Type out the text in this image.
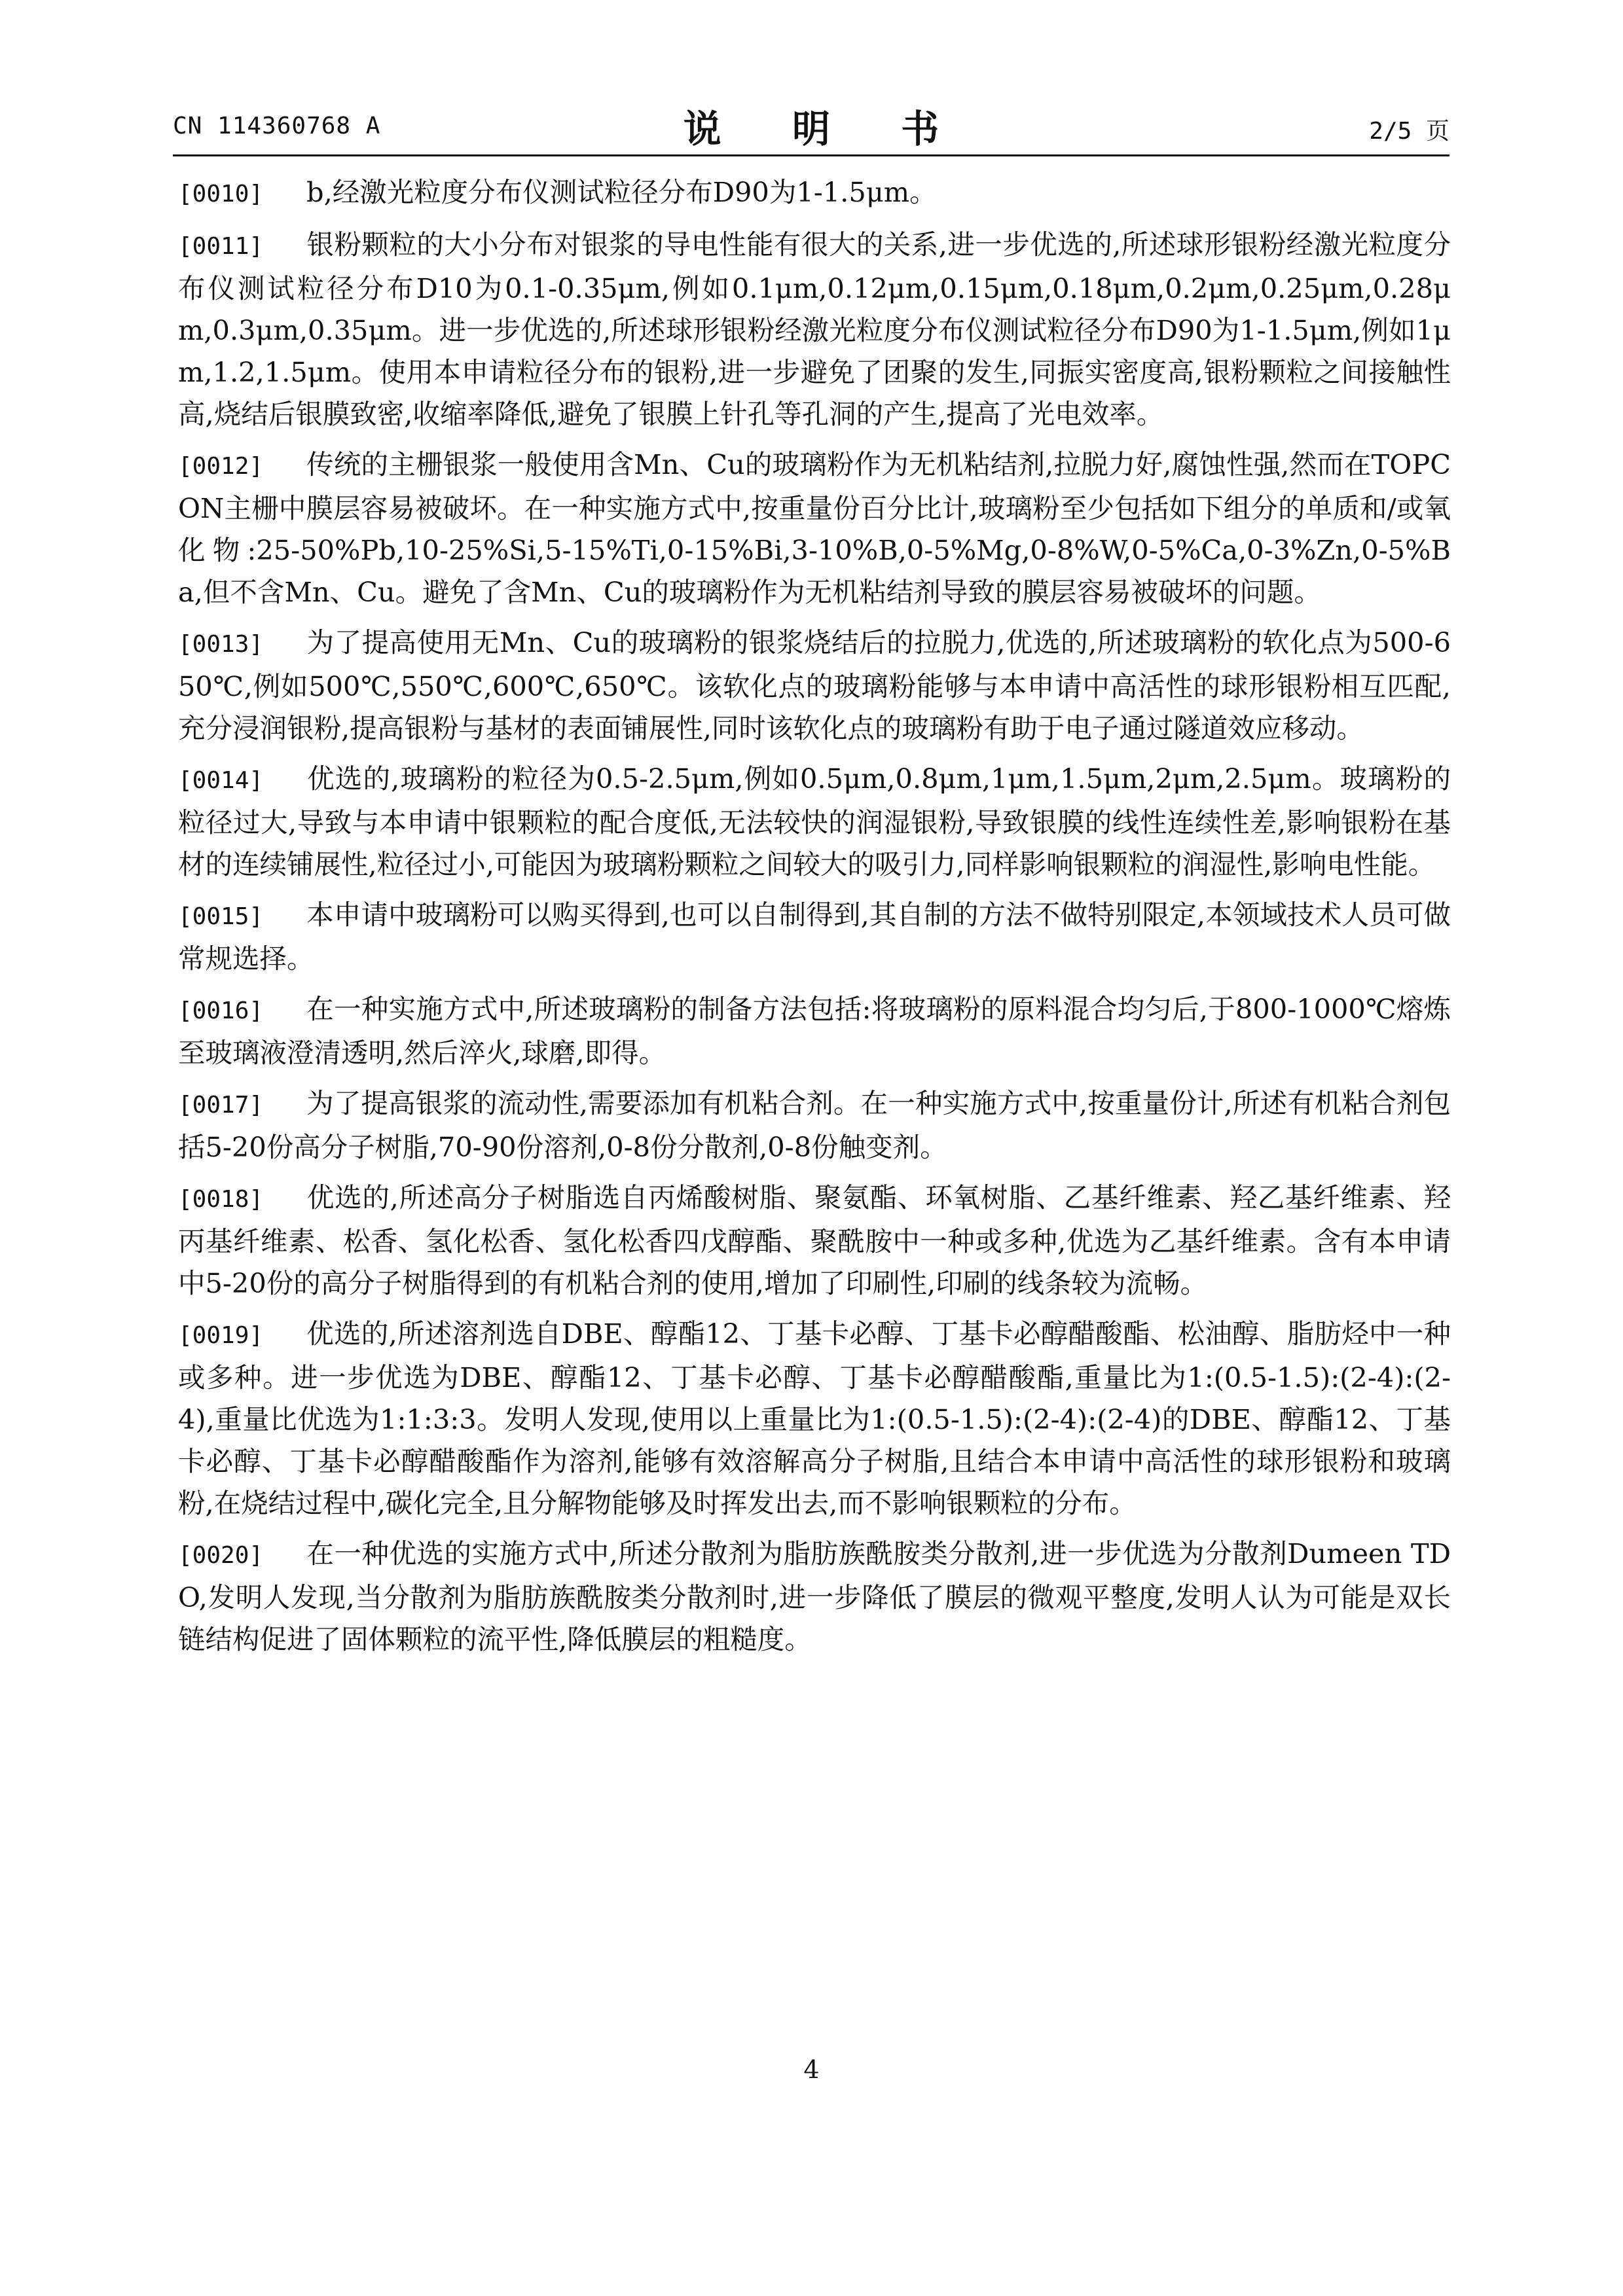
CN 114360768 A	说 明 书	2/5 页

[0010] b,经激光粒度分布仪测试粒径分布D90为1-1.5μm。

[0011] 银粉颗粒的大小分布对银浆的导电性能有很大的关系,进一步优选的,所述球形银粉经激光粒度分布仪测试粒径分布D10为0.1-0.35μm,例如0.1μm,0.12μm,0.15μm,0.18μm,0.2μm,0.25μm,0.28μm,0.3μm,0.35μm。进一步优选的,所述球形银粉经激光粒度分布仪测试粒径分布D90为1-1.5μm,例如1μm,1.2,1.5μm。使用本申请粒径分布的银粉,进一步避免了团聚的发生,同振实密度高,银粉颗粒之间接触性高,烧结后银膜致密,收缩率降低,避免了银膜上针孔等孔洞的产生,提高了光电效率。

[0012] 传统的主栅银浆一般使用含Mn、Cu的玻璃粉作为无机粘结剂,拉脱力好,腐蚀性强,然而在TOPCON主栅中膜层容易被破坏。在一种实施方式中,按重量份百分比计,玻璃粉至少包括如下组分的单质和/或氧化物:25-50%Pb,10-25%Si,5-15%Ti,0-15%Bi,3-10%B,0-5%Mg,0-8%W,0-5%Ca,0-3%Zn,0-5%Ba,但不含Mn、Cu。避免了含Mn、Cu的玻璃粉作为无机粘结剂导致的膜层容易被破坏的问题。

[0013] 为了提高使用无Mn、Cu的玻璃粉的银浆烧结后的拉脱力,优选的,所述玻璃粉的软化点为500-650℃,例如500℃,550℃,600℃,650℃。该软化点的玻璃粉能够与本申请中高活性的球形银粉相互匹配,充分浸润银粉,提高银粉与基材的表面铺展性,同时该软化点的玻璃粉有助于电子通过隧道效应移动。

[0014] 优选的,玻璃粉的粒径为0.5-2.5μm,例如0.5μm,0.8μm,1μm,1.5μm,2μm,2.5μm。玻璃粉的粒径过大,导致与本申请中银颗粒的配合度低,无法较快的润湿银粉,导致银膜的线性连续性差,影响银粉在基材的连续铺展性,粒径过小,可能因为玻璃粉颗粒之间较大的吸引力,同样影响银颗粒的润湿性,影响电性能。

[0015] 本申请中玻璃粉可以购买得到,也可以自制得到,其自制的方法不做特别限定,本领域技术人员可做常规选择。

[0016] 在一种实施方式中,所述玻璃粉的制备方法包括:将玻璃粉的原料混合均匀后,于800-1000℃熔炼至玻璃液澄清透明,然后淬火,球磨,即得。

[0017] 为了提高银浆的流动性,需要添加有机粘合剂。在一种实施方式中,按重量份计,所述有机粘合剂包括5-20份高分子树脂,70-90份溶剂,0-8份分散剂,0-8份触变剂。

[0018] 优选的,所述高分子树脂选自丙烯酸树脂、聚氨酯、环氧树脂、乙基纤维素、羟乙基纤维素、羟丙基纤维素、松香、氢化松香、氢化松香四戊醇酯、聚酰胺中一种或多种,优选为乙基纤维素。含有本申请中5-20份的高分子树脂得到的有机粘合剂的使用,增加了印刷性,印刷的线条较为流畅。

[0019] 优选的,所述溶剂选自DBE、醇酯12、丁基卡必醇、丁基卡必醇醋酸酯、松油醇、脂肪烃中一种或多种。进一步优选为DBE、醇酯12、丁基卡必醇、丁基卡必醇醋酸酯,重量比为1:(0.5-1.5):(2-4):(2-4),重量比优选为1:1:3:3。发明人发现,使用以上重量比为1:(0.5-1.5):(2-4):(2-4)的DBE、醇酯12、丁基卡必醇、丁基卡必醇醋酸酯作为溶剂,能够有效溶解高分子树脂,且结合本申请中高活性的球形银粉和玻璃粉,在烧结过程中,碳化完全,且分解物能够及时挥发出去,而不影响银颗粒的分布。

[0020] 在一种优选的实施方式中,所述分散剂为脂肪族酰胺类分散剂,进一步优选为分散剂Dumeen TDO,发明人发现,当分散剂为脂肪族酰胺类分散剂时,进一步降低了膜层的微观平整度,发明人认为可能是双长链结构促进了固体颗粒的流平性,降低膜层的粗糙度。

4
